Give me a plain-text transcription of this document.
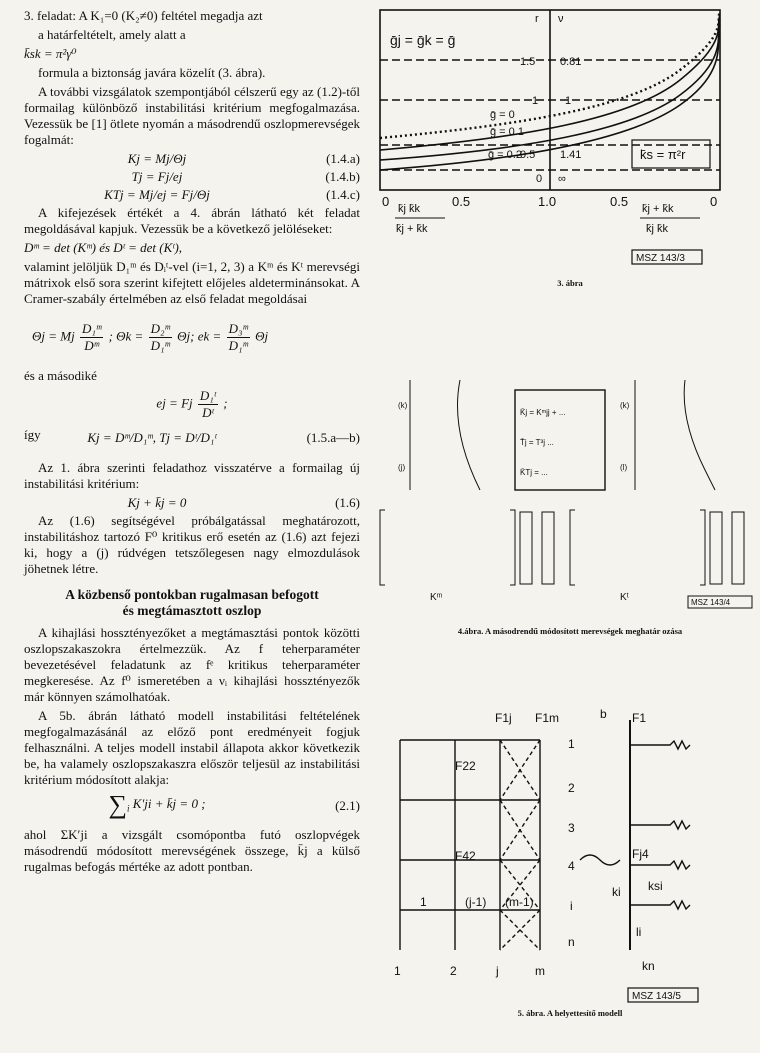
3. feladat: A K₁=0 (K₂≠0) feltétel megadja azt

a határfeltételt, amely alatt a

k̄sk = π²γ⁰

formula a biztonság javára közelít (3. ábra).

A további vizsgálatok szempontjából célszerű egy az (1.2)-től formailag különböző instabilitási kritérium megfogalmazása. Vezessük be [1] ötlete nyomán a másodrendű oszlopmerevségek fogalmát:

Kj = Mj/Θj	(1.4.a)
Tj = Fj/ej	(1.4.b)
KTj = Mj/ej = Fj/Θj	(1.4.c)

A kifejezések értékét a 4. ábrán látható két feladat megoldásával kapjuk. Vezessük be a következő jelöléseket:

Dᵐ = det (Kᵐ) és Dᵗ = det (Kᵗ),

valamint jelöljük D₁ᵐ és Dᵢᵗ-vel (i=1, 2, 3) a Kᵐ és Kᵗ merevségi mátrixok első sora szerint kifejtett előjeles aldeterminánsokat. A Cramer-szabály értelmében az első feladat megoldásai

Θj = Mj $\frac{\text{D₁ᵐ}}{\text{Dᵐ}}$ ; $\Theta k = \frac{\text{D₂ᵐ}}{\text{D₁ᵐ}} \Theta j$; ek = $\frac{\text{D₃ᵐ}}{\text{D₁ᵐ}}$ Θj

és a másodiké

ej = Fj $\frac{\text{D₁ᵗ}}{\text{Dᵗ}}$ ;

így	Kj = Dᵐ/D₁ᵐ, Tj = Dᵗ/D₁ᵗ	(1.5.a—b)

Az 1. ábra szerinti feladathoz visszatérve a formailag új instabilitási kritérium:

Kj + k̄j = 0	(1.6)

Az (1.6) segítségével próbálgatással meghatározott, instabilitáshoz tartozó F⁰ kritikus erő esetén az (1.6) azt fejezi ki, hogy a (j) rúdvégen tetszőlegesen nagy elmozdulások jöhetnek létre.

A közbenső pontokban rugalmasan befogott
és megtámasztott oszlop

A kihajlási hossztényezőket a megtámasztási pontok közötti oszlopszakaszokra értelmezzük. Az f teherparaméter bevezetésével feladatunk az fᵉ kritikus teherparaméter megkeresése. Az f⁰ ismeretében a νᵢ kihajlási hossztényezők már könnyen számolhatóak.

A 5b. ábrán látható modell instabilitási feltételének megfogalmazásánál az előző pont eredményeit fogjuk felhasználni. A teljes modell instabil állapota akkor következik be, ha valamely oszlopszakaszra először teljesül az instabilitási kritérium módosított alakja:

$\sum_i$ K′ji + k̄j = 0 ;	(2.1)

ahol ΣK′ji a vizsgált csomópontba futó oszlopvégek másodrendű módosított merevségének összege, k̄j a külső rugalmas befogás mértéke az adott pontban.

r ν
ḡj = ḡk = ḡ
1.5 0.81
1 1
ḡ = 0
ḡ = 0.1
ḡ = 0.2
0.5 1.41
0 ∞
k̄s = π²r
0 k̄j k̄k
k̄j + k̄k
0.5	1.0	0.5 k̄j + k̄k
k̄j k̄k
0
MSZ 143/3
3. ábra
(k)
(j)
(k)
(l)
K̄j = Kᵐjj + ...
T̄j = T³j ...
K̄Tj = ...
Kᵐ	Kᵗ	MSZ 143/4
4.ábra. A másodrendű módosított merevségek meghatár ozása
F1j F1m	b F1
F22
F42
1
2
3
4
i
n
1	(j-1) (m-1)
Fj4
ki ksi
li
kn
1	2	j	m
MSZ 143/5
5. ábra. A helyettesítő modell
